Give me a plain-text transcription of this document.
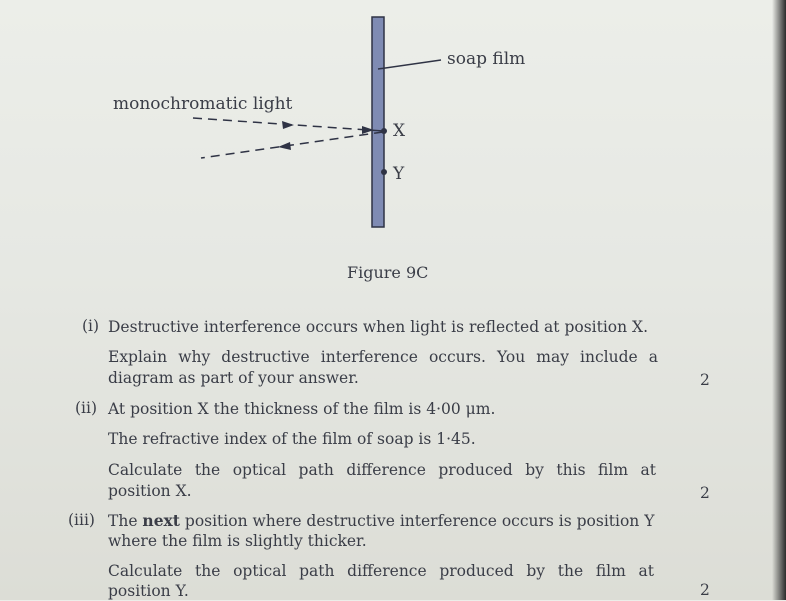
soap film
monochromatic light
X
Y
Figure 9C
(i) Destructive interference occurs when light is reflected at position X.
Explain why destructive interference occurs. You may include a
diagram as part of your answer.	2
(ii) At position X the thickness of the film is 4·00 μm.
The refractive index of the film of soap is 1·45.
Calculate the optical path difference produced by this film at
position X.	2
(iii) The next position where destructive interference occurs is position Y
where the film is slightly thicker.
Calculate the optical path difference produced by the film at
position Y.	2
